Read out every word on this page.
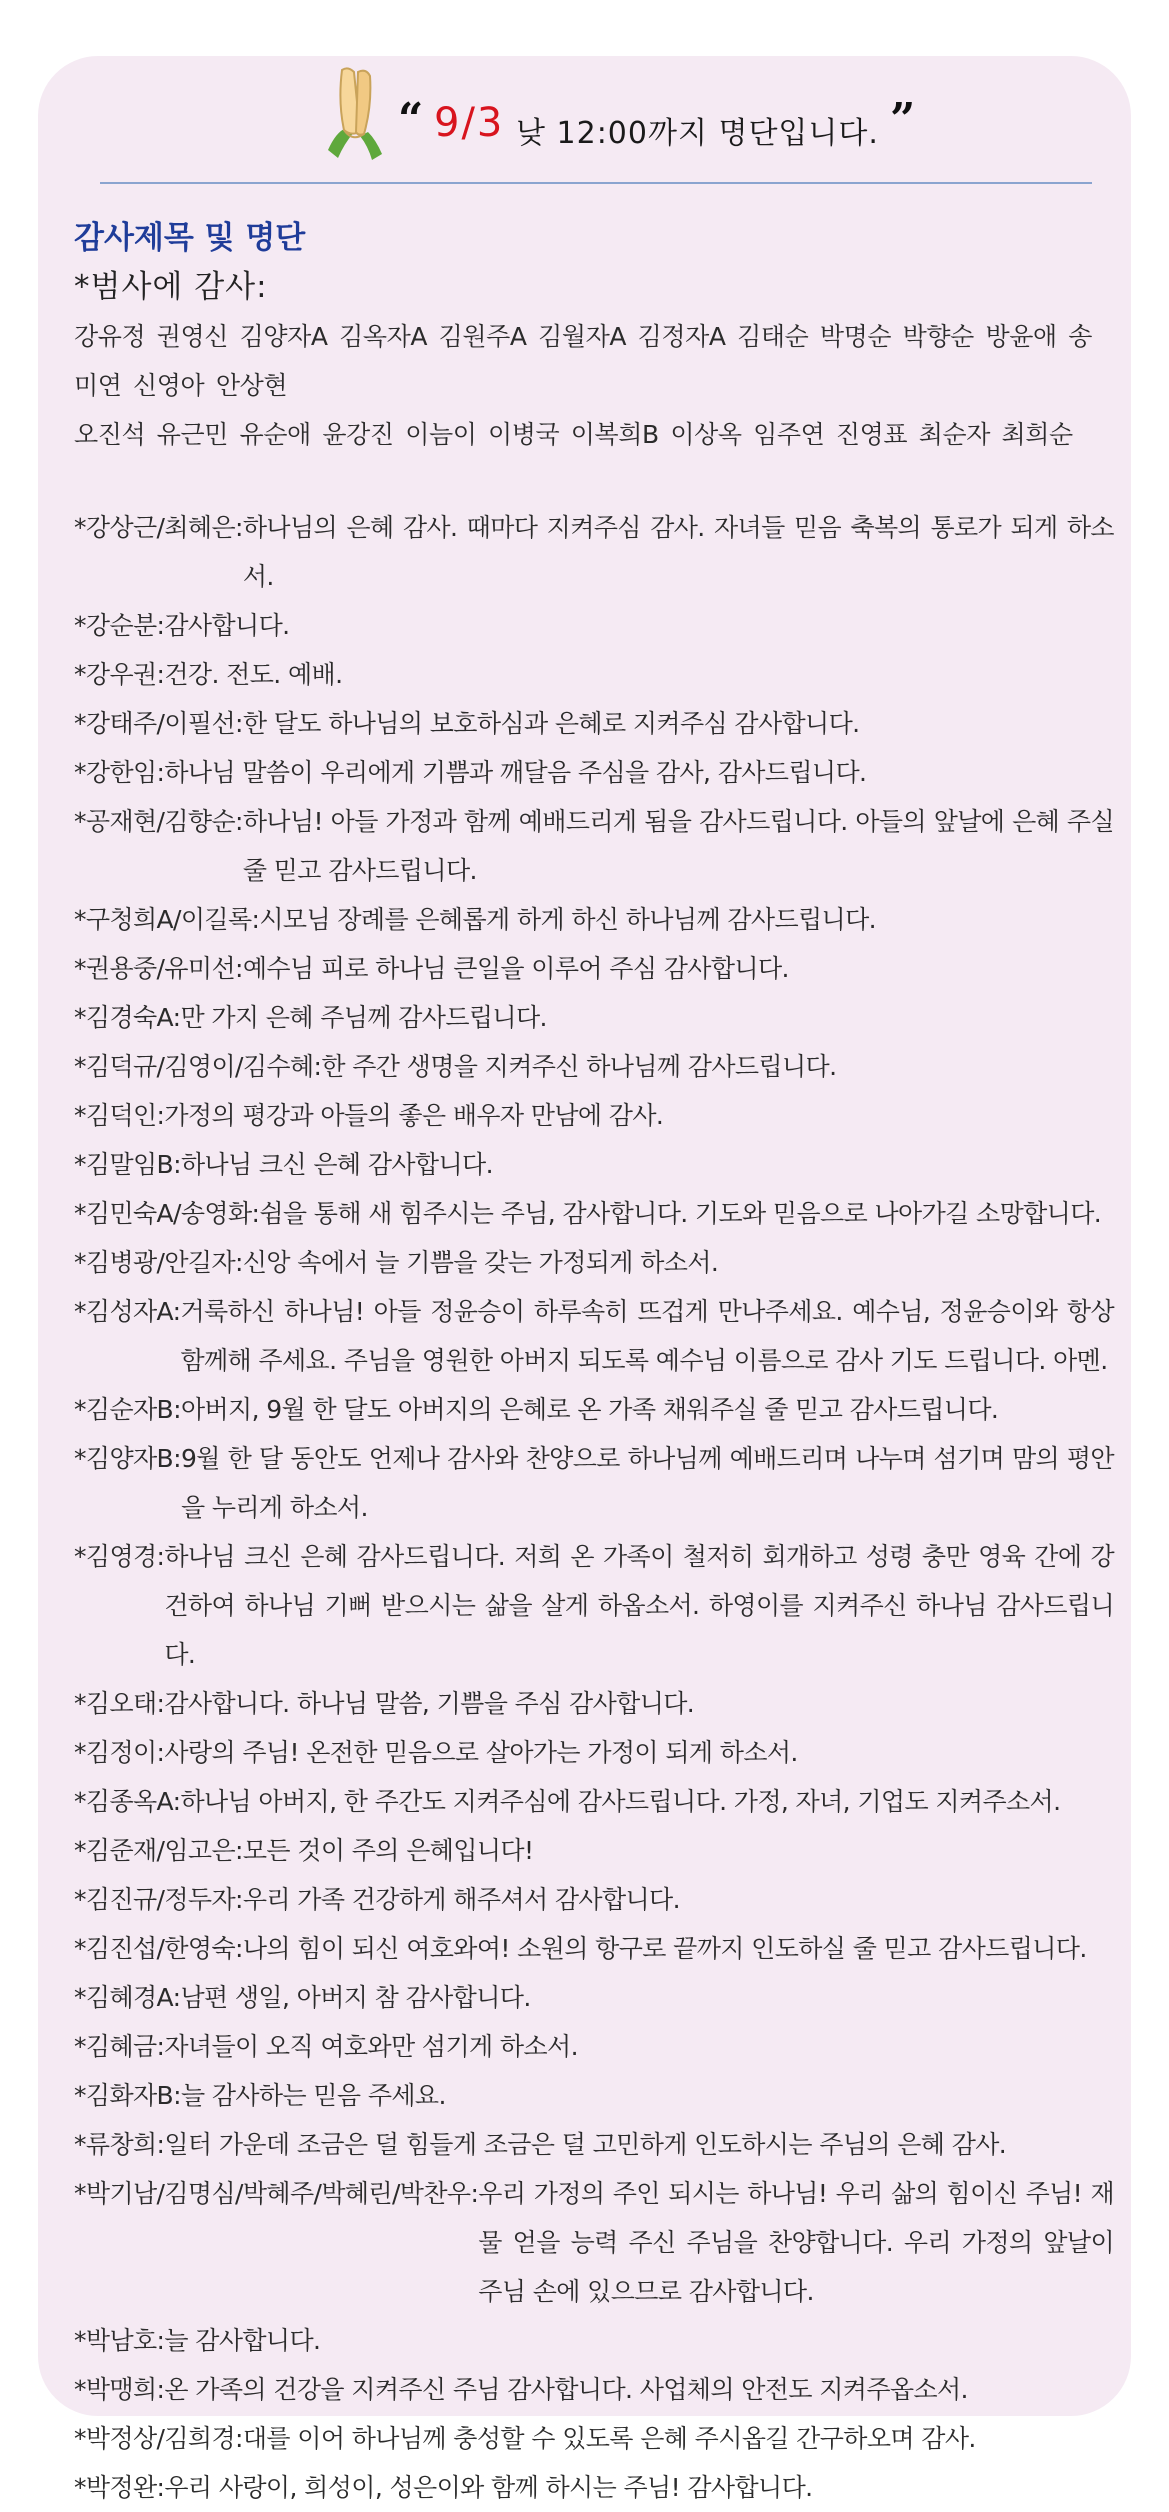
“ 9/3 낮 12:00까지 명단입니다. ”
감사제목 및 명단
*범사에 감사:
강유정 권영신 김양자A 김옥자A 김원주A 김월자A 김정자A 김태순 박명순 박향순 방윤애 송미연 신영아 안상현
오진석 유근민 유순애 윤강진 이늠이 이병국 이복희B 이상옥 임주연 진영표 최순자 최희순
*강상근/최혜은: 하나님의 은혜 감사. 때마다 지켜주심 감사. 자녀들 믿음 축복의 통로가 되게 하소서.
*강순분: 감사합니다.
*강우권: 건강. 전도. 예배.
*강태주/이필선: 한 달도 하나님의 보호하심과 은혜로 지켜주심 감사합니다.
*강한임: 하나님 말씀이 우리에게 기쁨과 깨달음 주심을 감사, 감사드립니다.
*공재현/김향순: 하나님! 아들 가정과 함께 예배드리게 됨을 감사드립니다. 아들의 앞날에 은혜 주실 줄 믿고 감사드립니다.
*구청희A/이길록: 시모님 장례를 은혜롭게 하게 하신 하나님께 감사드립니다.
*권용중/유미선: 예수님 피로 하나님 큰일을 이루어 주심 감사합니다.
*김경숙A: 만 가지 은혜 주님께 감사드립니다.
*김덕규/김영이/김수혜: 한 주간 생명을 지켜주신 하나님께 감사드립니다.
*김덕인: 가정의 평강과 아들의 좋은 배우자 만남에 감사.
*김말임B: 하나님 크신 은혜 감사합니다.
*김민숙A/송영화: 쉼을 통해 새 힘주시는 주님, 감사합니다. 기도와 믿음으로 나아가길 소망합니다.
*김병광/안길자: 신앙 속에서 늘 기쁨을 갖는 가정되게 하소서.
*김성자A: 거룩하신 하나님! 아들 정윤승이 하루속히 뜨겁게 만나주세요. 예수님, 정윤승이와 항상 함께해 주세요. 주님을 영원한 아버지 되도록 예수님 이름으로 감사 기도 드립니다. 아멘.
*김순자B: 아버지, 9월 한 달도 아버지의 은혜로 온 가족 채워주실 줄 믿고 감사드립니다.
*김양자B: 9월 한 달 동안도 언제나 감사와 찬양으로 하나님께 예배드리며 나누며 섬기며 맘의 평안을 누리게 하소서.
*김영경: 하나님 크신 은혜 감사드립니다. 저희 온 가족이 철저히 회개하고 성령 충만 영육 간에 강건하여 하나님 기뻐 받으시는 삶을 살게 하옵소서. 하영이를 지켜주신 하나님 감사드립니다.
*김오태: 감사합니다. 하나님 말씀, 기쁨을 주심 감사합니다.
*김정이: 사랑의 주님! 온전한 믿음으로 살아가는 가정이 되게 하소서.
*김종옥A: 하나님 아버지, 한 주간도 지켜주심에 감사드립니다. 가정, 자녀, 기업도 지켜주소서.
*김준재/임고은: 모든 것이 주의 은혜입니다!
*김진규/정두자: 우리 가족 건강하게 해주셔서 감사합니다.
*김진섭/한영숙: 나의 힘이 되신 여호와여! 소원의 항구로 끝까지 인도하실 줄 믿고 감사드립니다.
*김혜경A: 남편 생일, 아버지 참 감사합니다.
*김혜금: 자녀들이 오직 여호와만 섬기게 하소서.
*김화자B: 늘 감사하는 믿음 주세요.
*류창희: 일터 가운데 조금은 덜 힘들게 조금은 덜 고민하게 인도하시는 주님의 은혜 감사.
*박기남/김명심/박혜주/박혜린/박찬우: 우리 가정의 주인 되시는 하나님! 우리 삶의 힘이신 주님! 재물 얻을 능력 주신 주님을 찬양합니다. 우리 가정의 앞날이 주님 손에 있으므로 감사합니다.
*박남호: 늘 감사합니다.
*박맹희: 온 가족의 건강을 지켜주신 주님 감사합니다. 사업체의 안전도 지켜주옵소서.
*박정상/김희경: 대를 이어 하나님께 충성할 수 있도록 은혜 주시옵길 간구하오며 감사.
*박정완: 우리 사랑이, 희성이, 성은이와 함께 하시는 주님! 감사합니다.
